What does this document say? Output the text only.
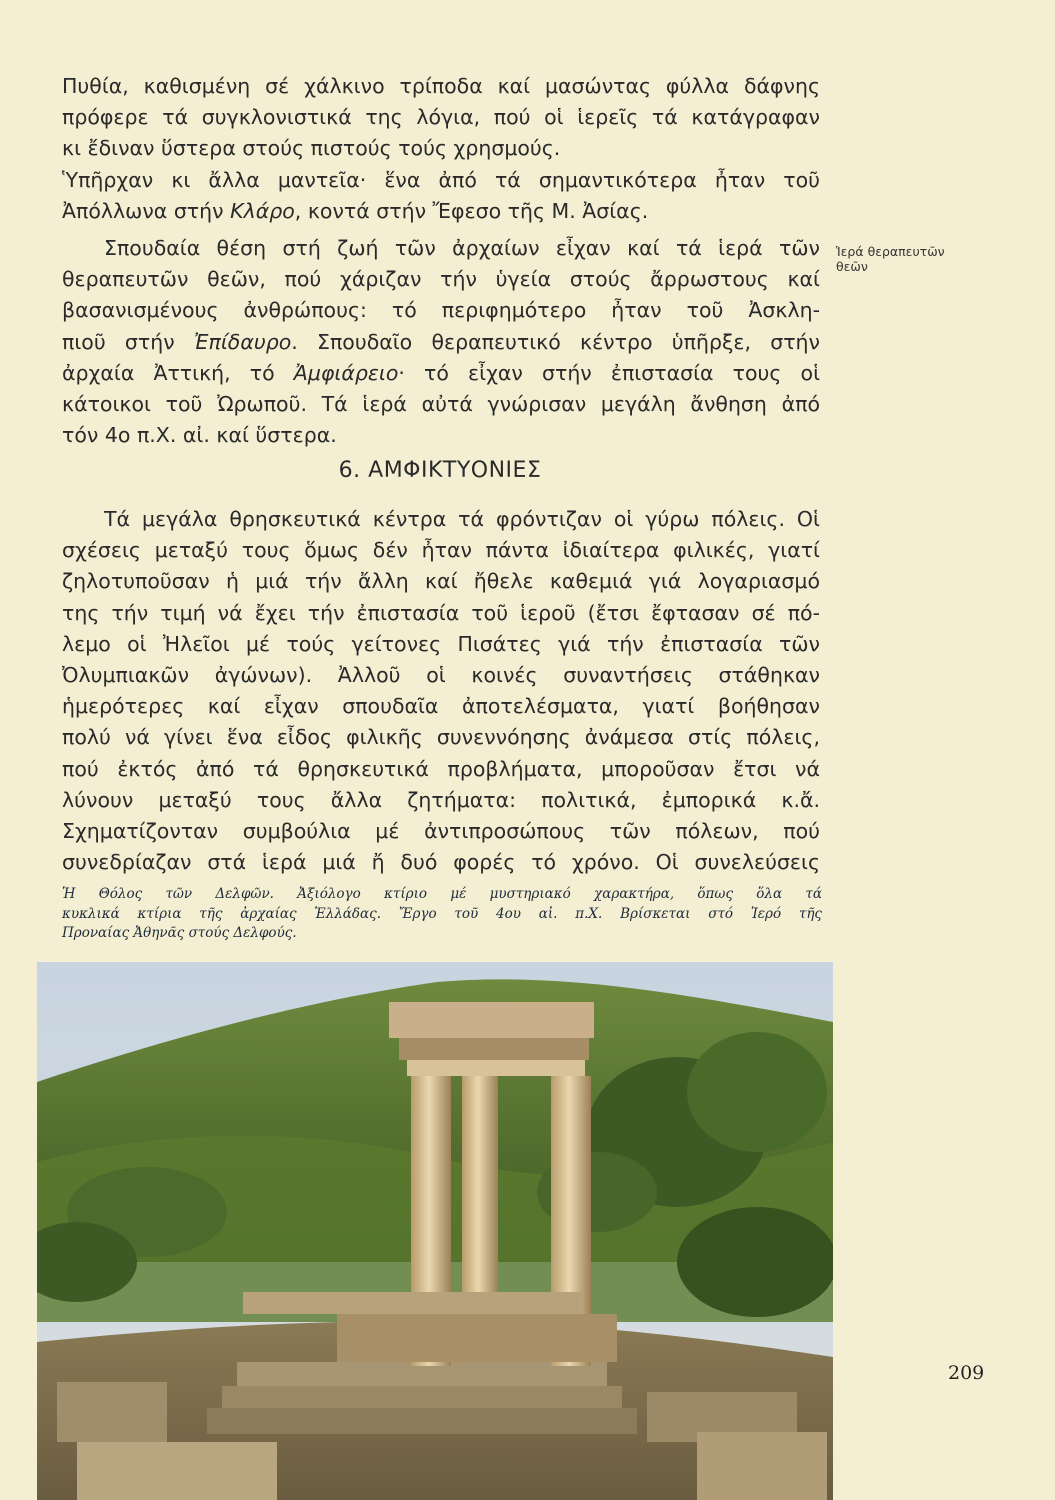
Πυθία, καθισμένη σέ χάλκινο τρίποδα καί μασώντας φύλλα δάφνης
πρόφερε τά συγκλονιστικά της λόγια, πού οἱ ἱερεῖς τά κατάγραφαν
κι ἔδιναν ὕστερα στούς πιστούς τούς χρησμούς.
Ὑπῆρχαν κι ἄλλα μαντεῖα· ἕνα ἀπό τά σημαντικότερα ἦταν τοῦ
Ἀπόλλωνα στήν Κλάρο, κοντά στήν Ἔφεσο τῆς Μ. Ἀσίας.
Σπουδαία θέση στή ζωή τῶν ἀρχαίων εἶχαν καί τά ἱερά τῶν
θεραπευτῶν θεῶν, πού χάριζαν τήν ὑγεία στούς ἄρρωστους καί
βασανισμένους ἀνθρώπους: τό περιφημότερο ἦταν τοῦ Ἀσκλη-
πιοῦ στήν Ἐπίδαυρο. Σπουδαῖο θεραπευτικό κέντρο ὑπῆρξε, στήν
ἀρχαία Ἀττική, τό Ἀμφιάρειο· τό εἶχαν στήν ἐπιστασία τους οἱ
κάτοικοι τοῦ Ὠρωποῦ. Τά ἱερά αὐτά γνώρισαν μεγάλη ἄνθηση ἀπό
τόν 4ο π.Χ. αἰ. καί ὕστερα.
Ἱερά θεραπευτῶν
θεῶν
6. ΑΜΦΙΚΤΥΟΝΙΕΣ
Τά μεγάλα θρησκευτικά κέντρα τά φρόντιζαν οἱ γύρω πόλεις. Οἱ
σχέσεις μεταξύ τους ὅμως δέν ἦταν πάντα ἰδιαίτερα φιλικές, γιατί
ζηλοτυποῦσαν ἡ μιά τήν ἄλλη καί ἤθελε καθεμιά γιά λογαριασμό
της τήν τιμή νά ἔχει τήν ἐπιστασία τοῦ ἱεροῦ (ἔτσι ἔφτασαν σέ πό-
λεμο οἱ Ἠλεῖοι μέ τούς γείτονες Πισάτες γιά τήν ἐπιστασία τῶν
Ὀλυμπιακῶν ἀγώνων). Ἀλλοῦ οἱ κοινές συναντήσεις στάθηκαν
ἡμερότερες καί εἶχαν σπουδαῖα ἀποτελέσματα, γιατί βοήθησαν
πολύ νά γίνει ἕνα εἶδος φιλικῆς συνεννόησης ἀνάμεσα στίς πόλεις,
πού ἐκτός ἀπό τά θρησκευτικά προβλήματα, μποροῦσαν ἔτσι νά
λύνουν μεταξύ τους ἄλλα ζητήματα: πολιτικά, ἐμπορικά κ.ἄ.
Σχηματίζονταν συμβούλια μέ ἀντιπροσώπους τῶν πόλεων, πού
συνεδρίαζαν στά ἱερά μιά ἤ δυό φορές τό χρόνο. Οἱ συνελεύσεις
Ἡ Θόλος τῶν Δελφῶν. Ἀξιόλογο κτίριο μέ μυστηριακό χαρακτήρα, ὅπως ὅλα τά
κυκλικά κτίρια τῆς ἀρχαίας Ἑλλάδας. Ἔργο τοῦ 4ου αἰ. π.Χ. Βρίσκεται στό Ἱερό τῆς
Προναίας Ἀθηνᾶς στούς Δελφούς.
209
